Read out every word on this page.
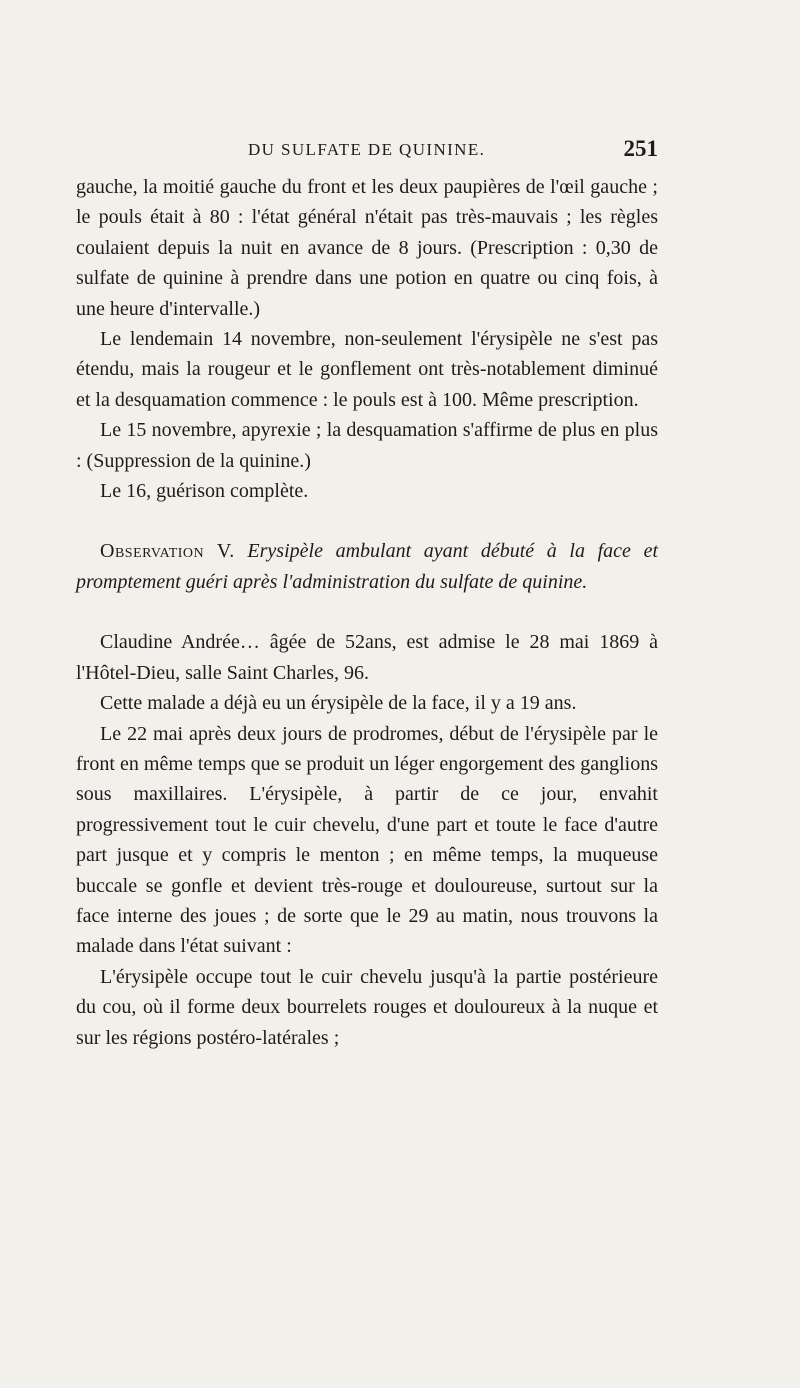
DU SULFATE DE QUININE.	251

gauche, la moitié gauche du front et les deux paupières de l'œil gauche ; le pouls était à 80 : l'état général n'était pas très-mauvais ; les règles coulaient depuis la nuit en avance de 8 jours. (Prescription : 0,30 de sulfate de quinine à prendre dans une potion en quatre ou cinq fois, à une heure d'intervalle.)

Le lendemain 14 novembre, non-seulement l'érysipèle ne s'est pas étendu, mais la rougeur et le gonflement ont très-notablement diminué et la desquamation commence : le pouls est à 100. Même prescription.

Le 15 novembre, apyrexie ; la desquamation s'affirme de plus en plus : (Suppression de la quinine.)

Le 16, guérison complète.

Observation V. Erysipèle ambulant ayant débuté à la face et promptement guéri après l'administration du sulfate de quinine.

Claudine Andrée… âgée de 52ans, est admise le 28 mai 1869 à l'Hôtel-Dieu, salle Saint Charles, 96.

Cette malade a déjà eu un érysipèle de la face, il y a 19 ans.

Le 22 mai après deux jours de prodromes, début de l'érysipèle par le front en même temps que se produit un léger engorgement des ganglions sous maxillaires. L'érysipèle, à partir de ce jour, envahit progressivement tout le cuir chevelu, d'une part et toute le face d'autre part jusque et y compris le menton ; en même temps, la muqueuse buccale se gonfle et devient très-rouge et douloureuse, surtout sur la face interne des joues ; de sorte que le 29 au matin, nous trouvons la malade dans l'état suivant :

L'érysipèle occupe tout le cuir chevelu jusqu'à la partie postérieure du cou, où il forme deux bourrelets rouges et douloureux à la nuque et sur les régions postéro-latérales ;
